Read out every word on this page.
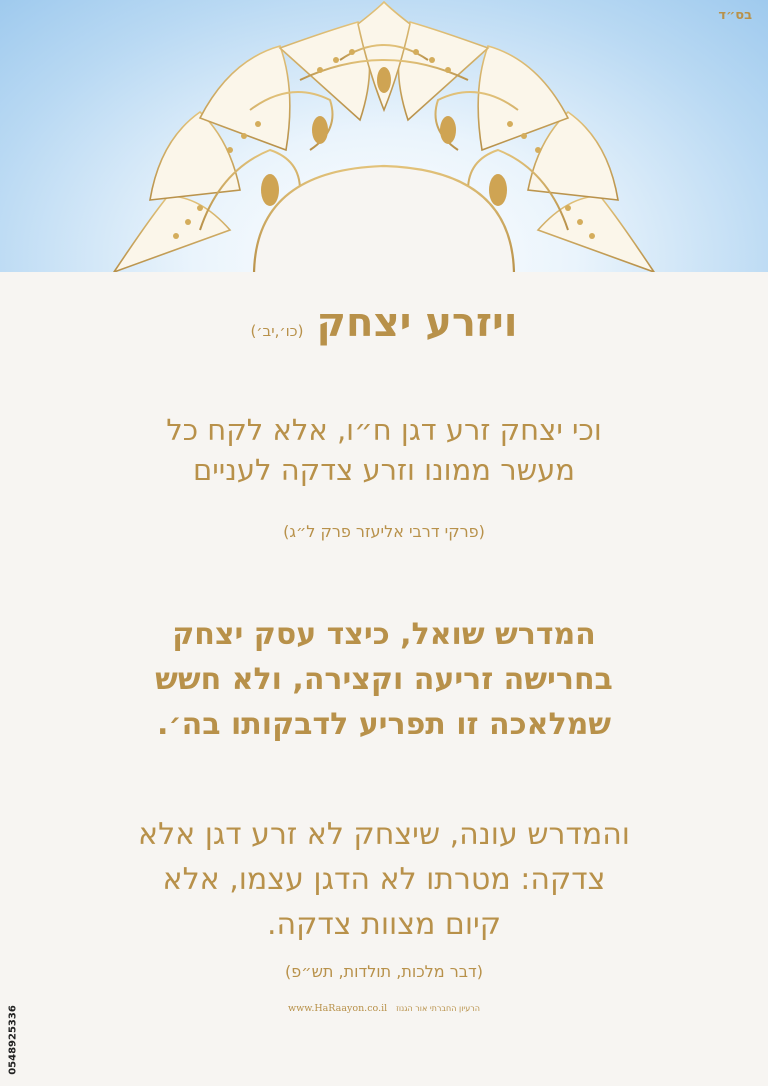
בס״ד
ויזרע יצחק (כו׳,יב׳)
וכי יצחק זרע דגן ח״ו, אלא לקח כל
מעשר ממונו וזרע צדקה לעניים
(פרקי דרבי אליעזר פרק ל״ג)
המדרש שואל, כיצד עסק יצחק
בחרישה זריעה וקצירה, ולא חשש
שמלאכה זו תפריע לדבקותו בה׳.
והמדרש עונה, שיצחק לא זרע דגן אלא
צדקה: מטרתו לא הדגן עצמו, אלא
קיום מצוות צדקה.
(דבר מלכות, תולדות, תש״פ)
הרעיון החברתי אור הגנוז www.HaRaayon.co.il
0548925336
